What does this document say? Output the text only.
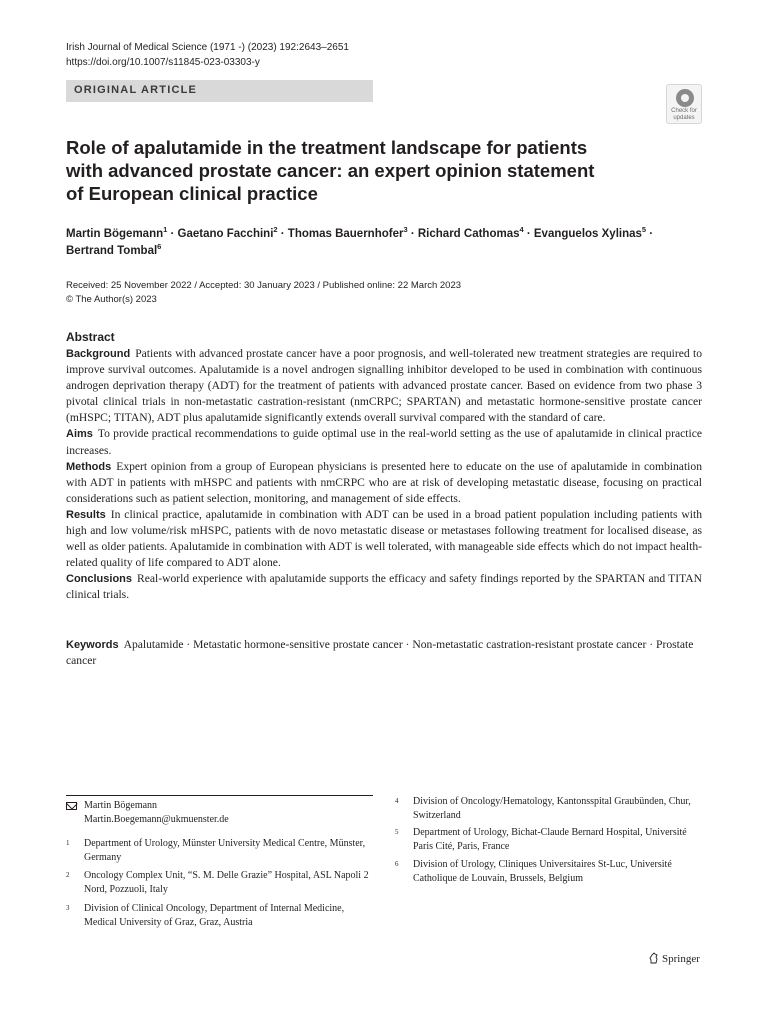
Irish Journal of Medical Science (1971 -) (2023) 192:2643–2651
https://doi.org/10.1007/s11845-023-03303-y
ORIGINAL ARTICLE
Check for updates
Role of apalutamide in the treatment landscape for patients with advanced prostate cancer: an expert opinion statement of European clinical practice
Martin Bögemann$^1$ · Gaetano Facchini$^2$ · Thomas Bauernhofer$^3$ · Richard Cathomas$^4$ · Evanguelos Xylinas$^5$ ·
Bertrand Tombal$^6$
Received: 25 November 2022 / Accepted: 30 January 2023 / Published online: 22 March 2023
© The Author(s) 2023
Abstract

Background Patients with advanced prostate cancer have a poor prognosis, and well-tolerated new treatment strategies are required to improve survival outcomes. Apalutamide is a novel androgen signalling inhibitor developed to be used in combination with continuous androgen deprivation therapy (ADT) for the treatment of patients with advanced prostate cancer. Based on evidence from two phase 3 pivotal clinical trials in non-metastatic castration-resistant (nmCRPC; SPARTAN) and metastatic hormone-sensitive prostate cancer (mHSPC; TITAN), ADT plus apalutamide significantly extends overall survival compared with the standard of care.

Aims To provide practical recommendations to guide optimal use in the real-world setting as the use of apalutamide in clinical practice increases.

Methods Expert opinion from a group of European physicians is presented here to educate on the use of apalutamide in combination with ADT in patients with mHSPC and patients with nmCRPC who are at risk of developing metastatic disease, focusing on practical considerations such as patient selection, monitoring, and management of side effects.

Results In clinical practice, apalutamide in combination with ADT can be used in a broad patient population including patients with high and low volume/risk mHSPC, patients with de novo metastatic disease or metastases following treatment for localised disease, as well as older patients. Apalutamide in combination with ADT is well tolerated, with manageable side effects which do not impact health-related quality of life compared to ADT alone.

Conclusions Real-world experience with apalutamide supports the efficacy and safety findings reported by the SPARTAN and TITAN clinical trials.

Keywords Apalutamide · Metastatic hormone-sensitive prostate cancer · Non-metastatic castration-resistant prostate cancer · Prostate cancer
Martin Bögemann
Martin.Boegemann@ukmuenster.de
1 Department of Urology, Münster University Medical Centre, Münster, Germany
2 Oncology Complex Unit, “S. M. Delle Grazie” Hospital, ASL Napoli 2 Nord, Pozzuoli, Italy
3 Division of Clinical Oncology, Department of Internal Medicine, Medical University of Graz, Graz, Austria
4 Division of Oncology/Hematology, Kantonsspital Graubünden, Chur, Switzerland
5 Department of Urology, Bichat-Claude Bernard Hospital, Université Paris Cité, Paris, France
6 Division of Urology, Cliniques Universitaires St-Luc, Université Catholique de Louvain, Brussels, Belgium
Springer
